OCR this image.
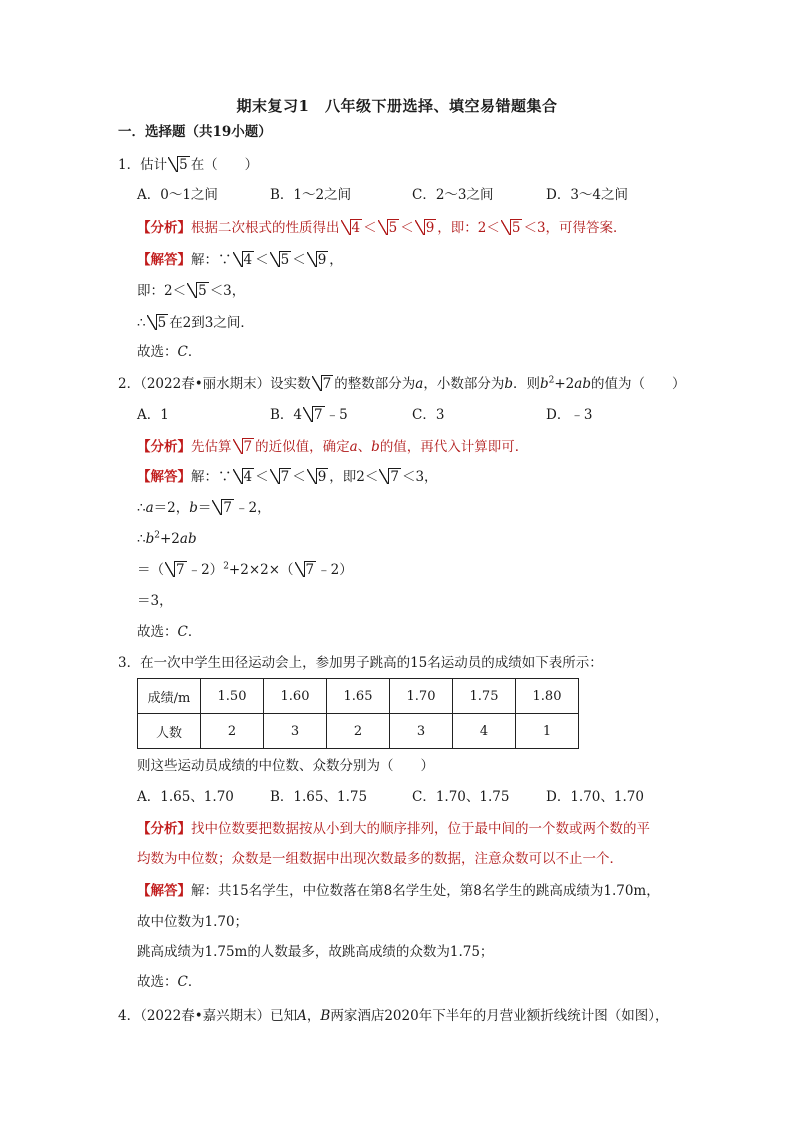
期末复习1　八年级下册选择、填空易错题集合
一．选择题（共19小题）
1．估计 5 在（　　）
A．0～1之间	B．1～2之间	C．2～3之间	D．3～4之间
【分析】根据二次根式的性质得出 4 ＜ 5 ＜ 9 ，即：2＜ 5 ＜3，可得答案．
【解答】解：∵ 4 ＜ 5 ＜ 9 ，
即：2＜ 5 ＜3，
∴ 5 在2到3之间．
故选：C．
2．（2022春•丽水期末）设实数 7 的整数部分为a，小数部分为b．则$b^2+2ab$的值为（　　）
A．1	B．4 7 ﹣5	C．3	D．﹣3
【分析】先估算 7 的近似值，确定a、b的值，再代入计算即可．
【解答】解：∵ 4 ＜ 7 ＜ 9 ，即2＜ 7 ＜3，
∴a＝2，b＝ 7 ﹣2，
$\therefore b^2+2ab$
＝（ 7 ﹣2）$^2$+2×2×（ 7 ﹣2）
＝3，
故选：C．
3．在一次中学生田径运动会上，参加男子跳高的15名运动员的成绩如下表所示：
成绩/m	1.50	1.60	1.65	1.70	1.75	1.80
人数	2	3	2	3	4	1
则这些运动员成绩的中位数、众数分别为（　　）
A．1.65、1.70	B．1.65、1.75	C．1.70、1.75	D．1.70、1.70
【分析】找中位数要把数据按从小到大的顺序排列，位于最中间的一个数或两个数的平
均数为中位数；众数是一组数据中出现次数最多的数据，注意众数可以不止一个．
【解答】解：共15名学生，中位数落在第8名学生处，第8名学生的跳高成绩为1.70m，
故中位数为1.70；
跳高成绩为1.75m的人数最多，故跳高成绩的众数为1.75；
故选：C．
4．（2022春•嘉兴期末）已知A，B两家酒店2020年下半年的月营业额折线统计图（如图），
